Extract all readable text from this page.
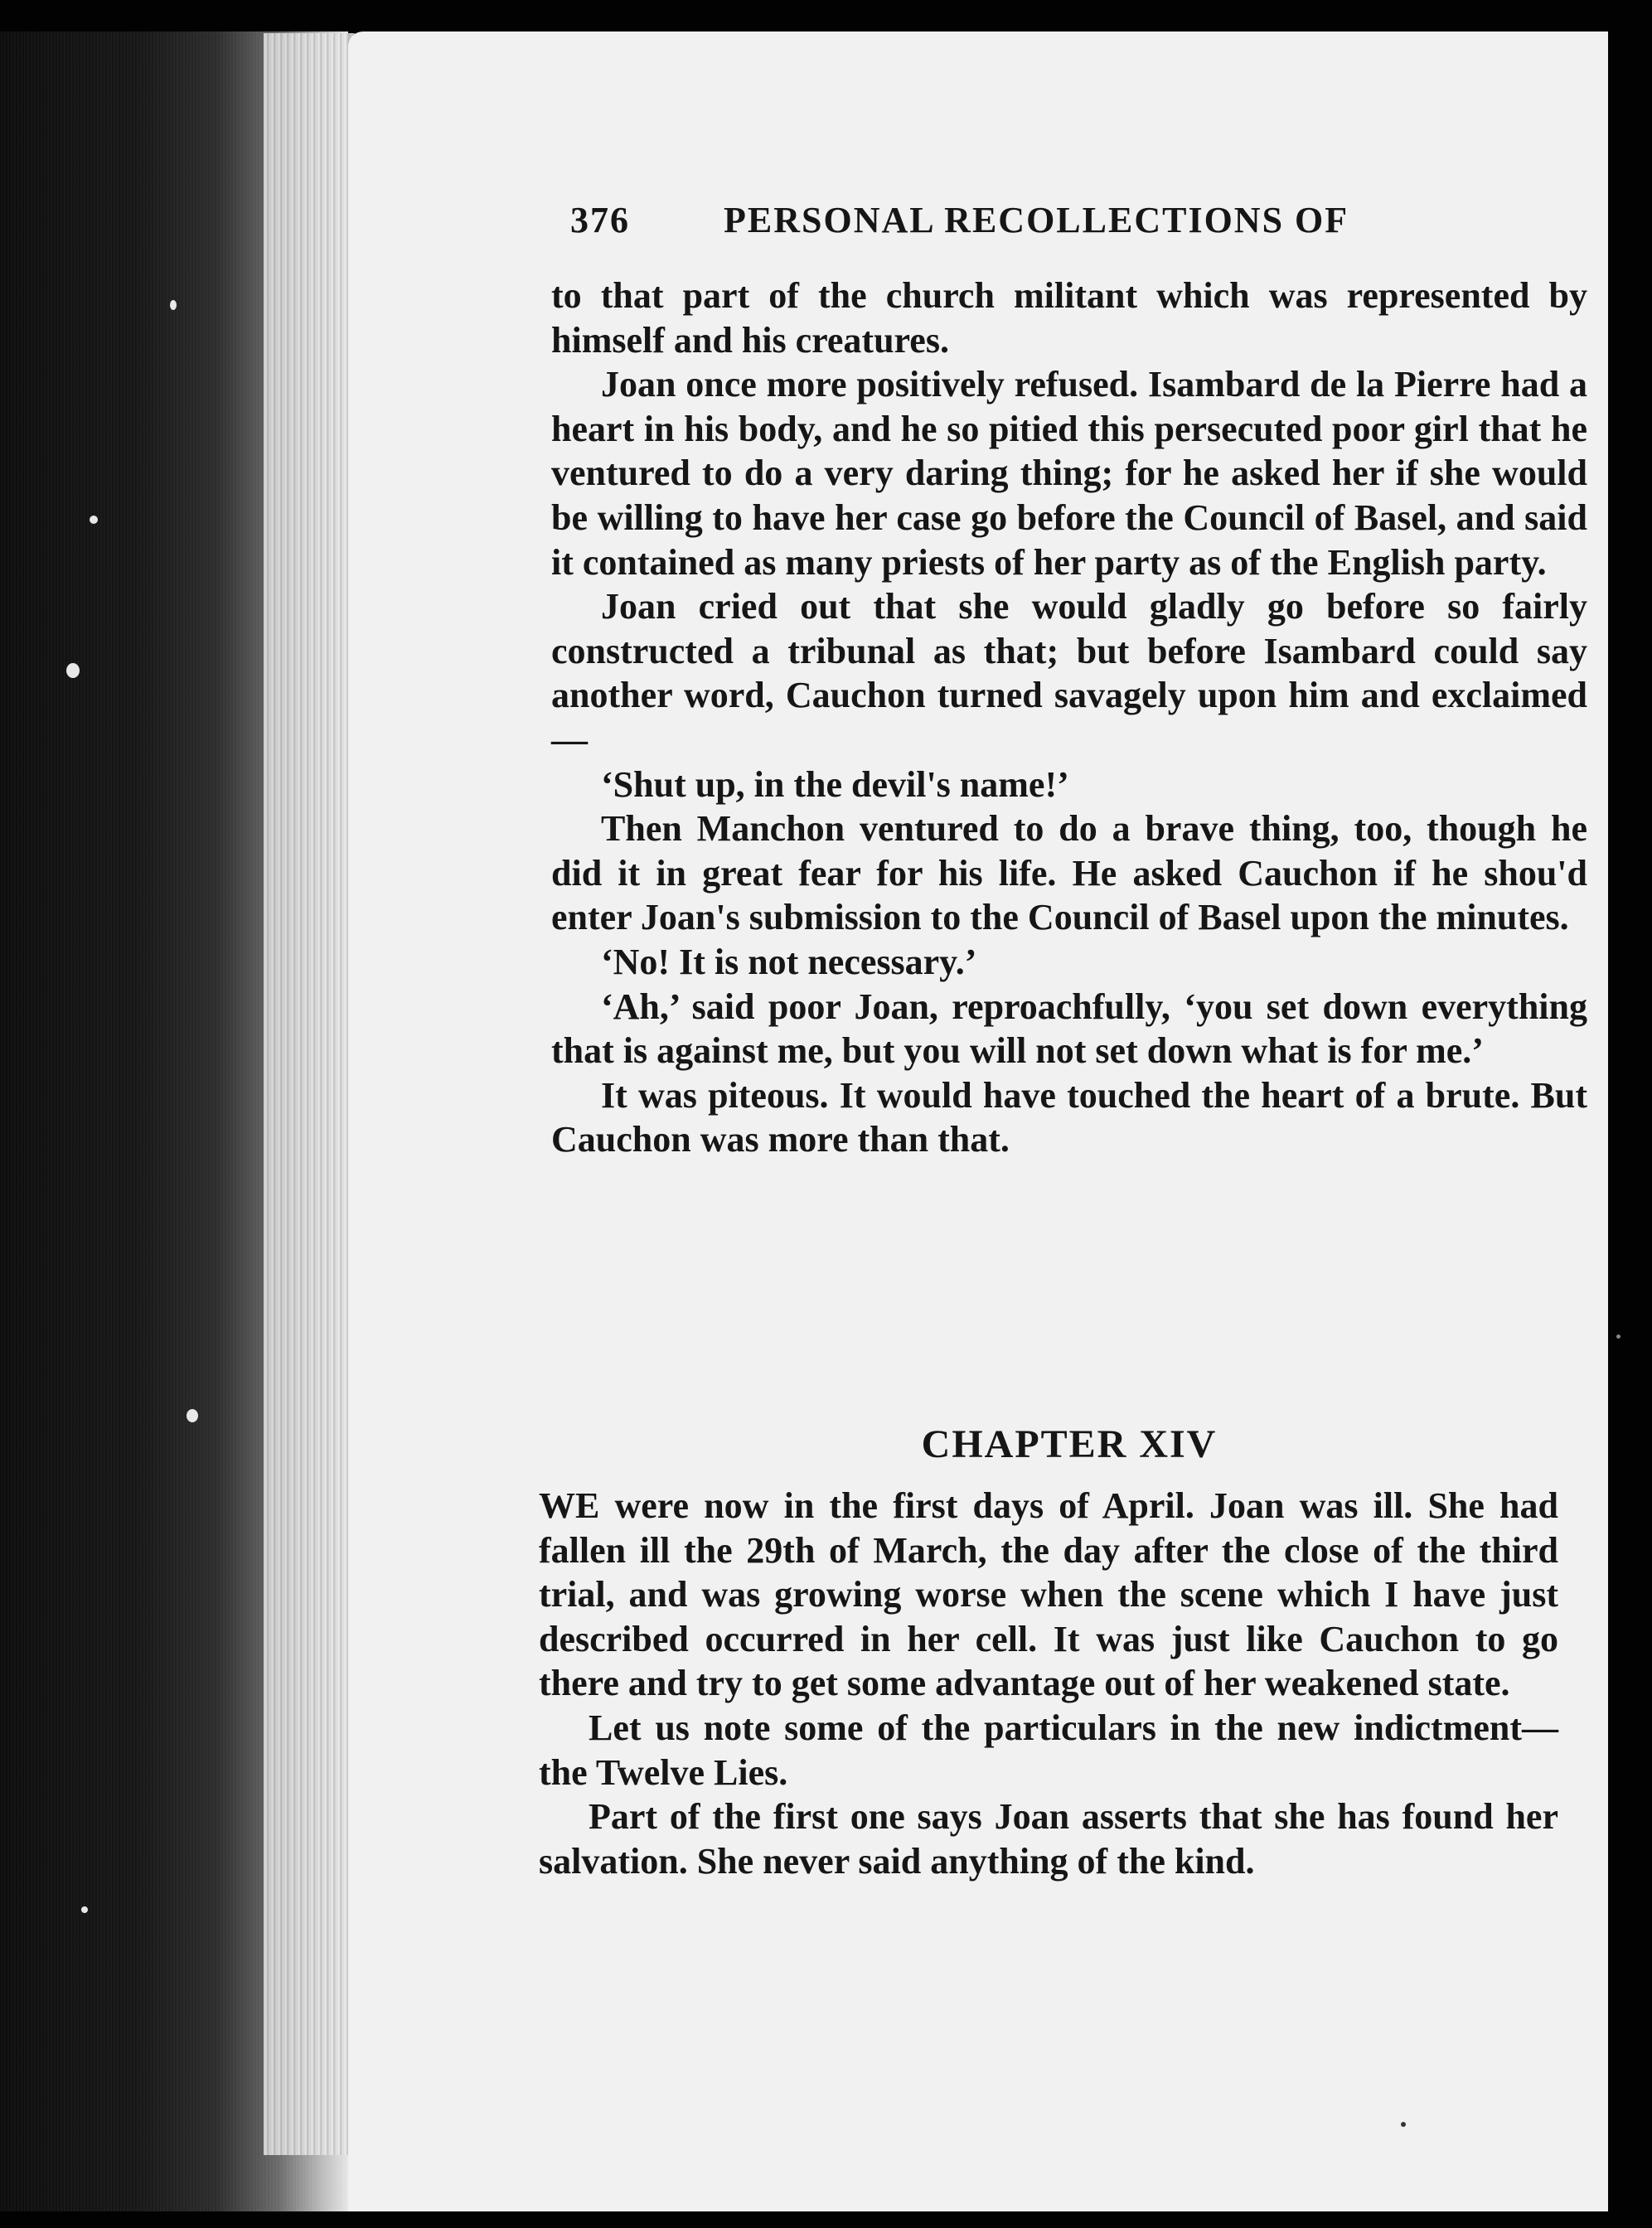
376	PERSONAL RECOLLECTIONS OF

to that part of the church militant which was represented by himself and his creatures.

Joan once more positively refused. Isambard de la Pierre had a heart in his body, and he so pitied this persecuted poor girl that he ventured to do a very daring thing; for he asked her if she would be willing to have her case go before the Council of Basel, and said it contained as many priests of her party as of the English party.

Joan cried out that she would gladly go before so fairly constructed a tribunal as that; but before Isambard could say another word, Cauchon turned savagely upon him and exclaimed—

‘Shut up, in the devil's name!’

Then Manchon ventured to do a brave thing, too, though he did it in great fear for his life. He asked Cauchon if he shou'd enter Joan's submission to the Council of Basel upon the minutes.

‘No! It is not necessary.’

‘Ah,’ said poor Joan, reproachfully, ‘you set down everything that is against me, but you will not set down what is for me.’

It was piteous. It would have touched the heart of a brute. But Cauchon was more than that.

CHAPTER XIV

WE were now in the first days of April. Joan was ill. She had fallen ill the 29th of March, the day after the close of the third trial, and was growing worse when the scene which I have just described occurred in her cell. It was just like Cauchon to go there and try to get some advantage out of her weakened state.

Let us note some of the particulars in the new indictment—the Twelve Lies.

Part of the first one says Joan asserts that she has found her salvation. She never said anything of the kind.
